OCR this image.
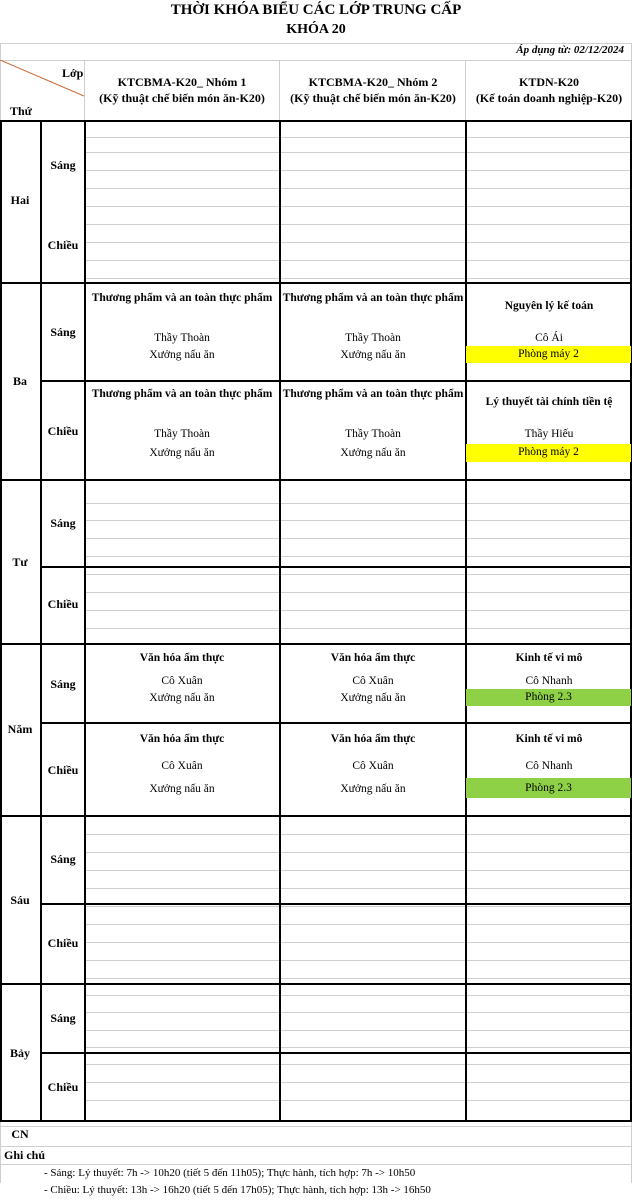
THỜI KHÓA BIỂU CÁC LỚP TRUNG CẤP
KHÓA 20
Áp dụng từ: 02/12/2024
Lớp
Thứ
KTCBMA-K20_ Nhóm 1
(Kỹ thuật chế biến món ăn-K20)
KTCBMA-K20_ Nhóm 2
(Kỹ thuật chế biến món ăn-K20)
KTDN-K20
(Kế toán doanh nghiệp-K20)
Hai
Ba
Tư
Năm
Sáu
Bảy
CN
Sáng
Chiều
Sáng
Chiều
Sáng
Chiều
Sáng
Chiều
Sáng
Chiều
Sáng
Chiều
Thương phẩm và an toàn thực phẩm
Thầy Thoàn
Xưởng nấu ăn
Thương phẩm và an toàn thực phẩm
Thầy Thoàn
Xưởng nấu ăn
Nguyên lý kế toán
Cô Ái
Phòng máy 2
Thương phẩm và an toàn thực phẩm
Thầy Thoàn
Xưởng nấu ăn
Thương phẩm và an toàn thực phẩm
Thầy Thoàn
Xưởng nấu ăn
Lý thuyết tài chính tiền tệ
Thầy Hiếu
Phòng máy 2
Văn hóa ẩm thực
Cô Xuân
Xưởng nấu ăn
Văn hóa ẩm thực
Cô Xuân
Xưởng nấu ăn
Kinh tế vi mô
Cô Nhanh
Phòng 2.3
Văn hóa ẩm thực
Cô Xuân
Xưởng nấu ăn
Văn hóa ẩm thực
Cô Xuân
Xưởng nấu ăn
Kinh tế vi mô
Cô Nhanh
Phòng 2.3
Ghi chú
- Sáng: Lý thuyết: 7h -> 10h20 (tiết 5 đến 11h05); Thực hành, tích hợp: 7h -> 10h50
- Chiều: Lý thuyết: 13h -> 16h20 (tiết 5 đến 17h05); Thực hành, tích hợp: 13h -> 16h50
